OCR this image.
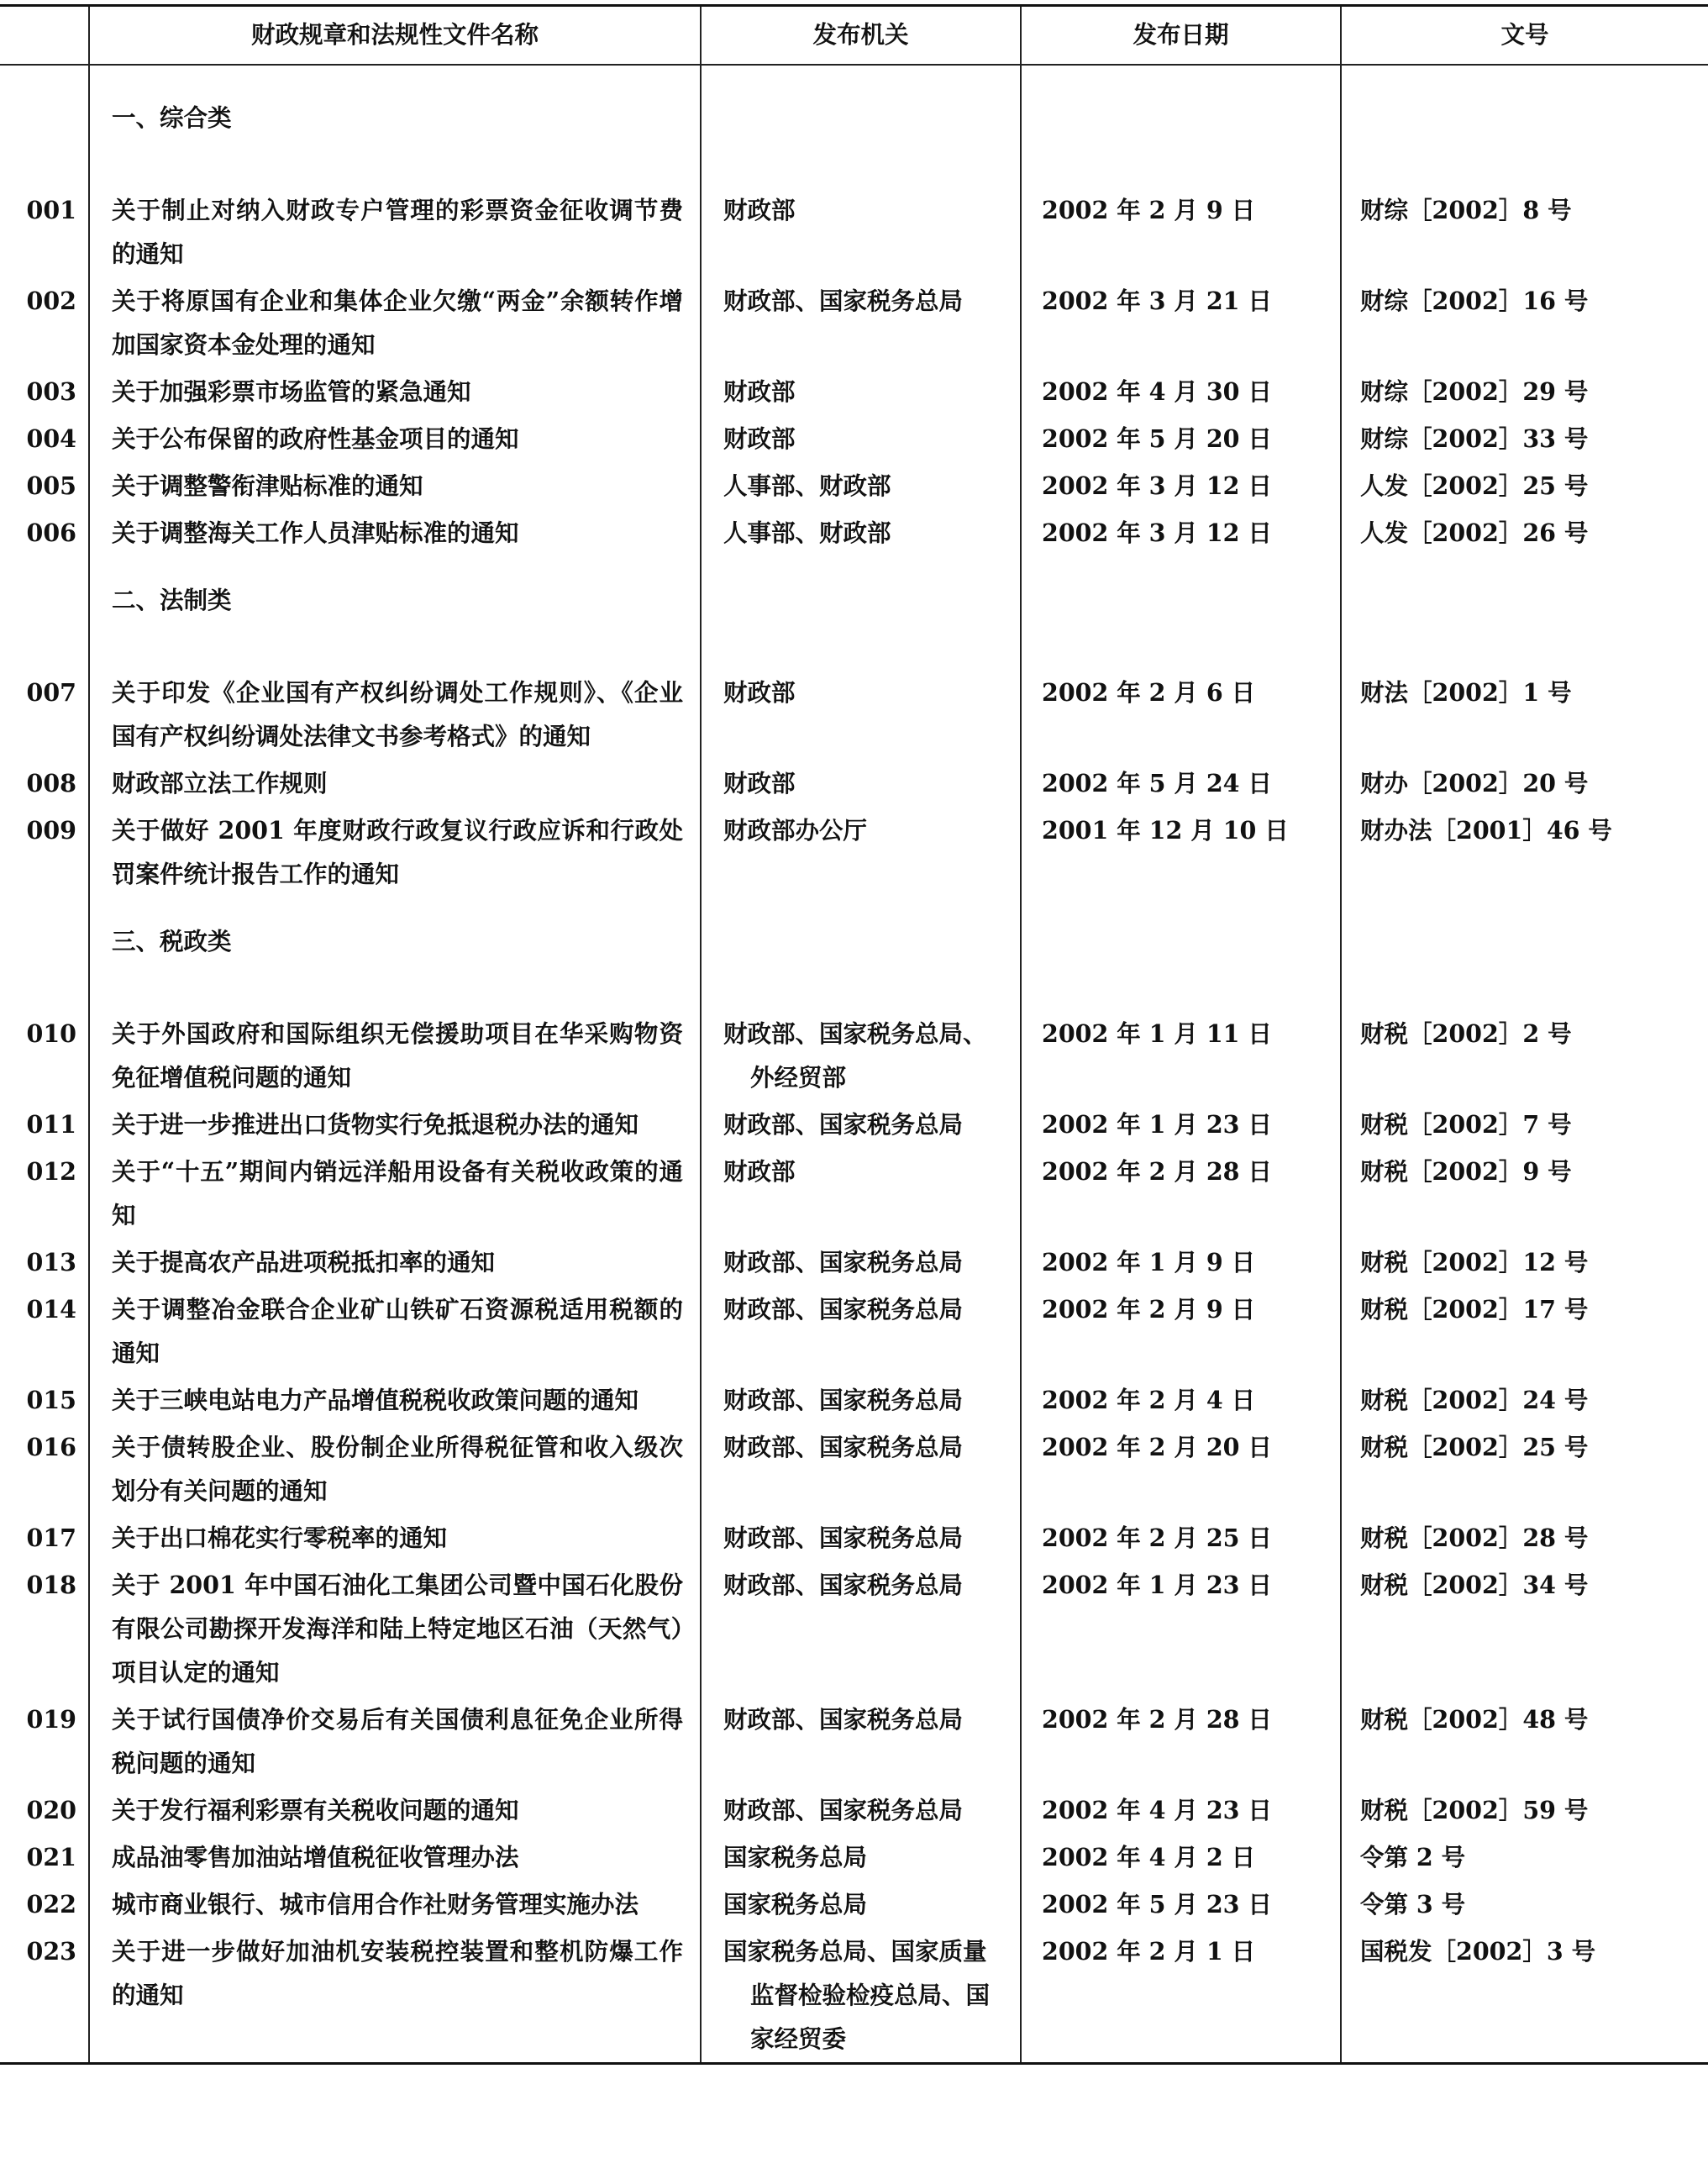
	财政规章和法规性文件名称	发布机关	发布日期	文号
	一、综合类			
001	关于制止对纳入财政专户管理的彩票资金征收调节费的通知	财政部	2002 年 2 月 9 日	财综［2002］8 号
002	关于将原国有企业和集体企业欠缴“两金”余额转作增加国家资本金处理的通知	财政部、国家税务总局	2002 年 3 月 21 日	财综［2002］16 号
003	关于加强彩票市场监管的紧急通知	财政部	2002 年 4 月 30 日	财综［2002］29 号
004	关于公布保留的政府性基金项目的通知	财政部	2002 年 5 月 20 日	财综［2002］33 号
005	关于调整警衔津贴标准的通知	人事部、财政部	2002 年 3 月 12 日	人发［2002］25 号
006	关于调整海关工作人员津贴标准的通知	人事部、财政部	2002 年 3 月 12 日	人发［2002］26 号
	二、法制类			
007	关于印发《企业国有产权纠纷调处工作规则》、《企业国有产权纠纷调处法律文书参考格式》的通知	财政部	2002 年 2 月 6 日	财法［2002］1 号
008	财政部立法工作规则	财政部	2002 年 5 月 24 日	财办［2002］20 号
009	关于做好 2001 年度财政行政复议行政应诉和行政处罚案件统计报告工作的通知	财政部办公厅	2001 年 12 月 10 日	财办法［2001］46 号
	三、税政类			
010	关于外国政府和国际组织无偿援助项目在华采购物资免征增值税问题的通知	财政部、国家税务总局、外经贸部	2002 年 1 月 11 日	财税［2002］2 号
011	关于进一步推进出口货物实行免抵退税办法的通知	财政部、国家税务总局	2002 年 1 月 23 日	财税［2002］7 号
012	关于“十五”期间内销远洋船用设备有关税收政策的通知	财政部	2002 年 2 月 28 日	财税［2002］9 号
013	关于提高农产品进项税抵扣率的通知	财政部、国家税务总局	2002 年 1 月 9 日	财税［2002］12 号
014	关于调整冶金联合企业矿山铁矿石资源税适用税额的通知	财政部、国家税务总局	2002 年 2 月 9 日	财税［2002］17 号
015	关于三峡电站电力产品增值税税收政策问题的通知	财政部、国家税务总局	2002 年 2 月 4 日	财税［2002］24 号
016	关于债转股企业、股份制企业所得税征管和收入级次划分有关问题的通知	财政部、国家税务总局	2002 年 2 月 20 日	财税［2002］25 号
017	关于出口棉花实行零税率的通知	财政部、国家税务总局	2002 年 2 月 25 日	财税［2002］28 号
018	关于 2001 年中国石油化工集团公司暨中国石化股份有限公司勘探开发海洋和陆上特定地区石油（天然气）项目认定的通知	财政部、国家税务总局	2002 年 1 月 23 日	财税［2002］34 号
019	关于试行国债净价交易后有关国债利息征免企业所得税问题的通知	财政部、国家税务总局	2002 年 2 月 28 日	财税［2002］48 号
020	关于发行福利彩票有关税收问题的通知	财政部、国家税务总局	2002 年 4 月 23 日	财税［2002］59 号
021	成品油零售加油站增值税征收管理办法	国家税务总局	2002 年 4 月 2 日	令第 2 号
022	城市商业银行、城市信用合作社财务管理实施办法	国家税务总局	2002 年 5 月 23 日	令第 3 号
023	关于进一步做好加油机安装税控装置和整机防爆工作的通知	国家税务总局、国家质量监督检验检疫总局、国家经贸委	2002 年 2 月 1 日	国税发［2002］3 号
